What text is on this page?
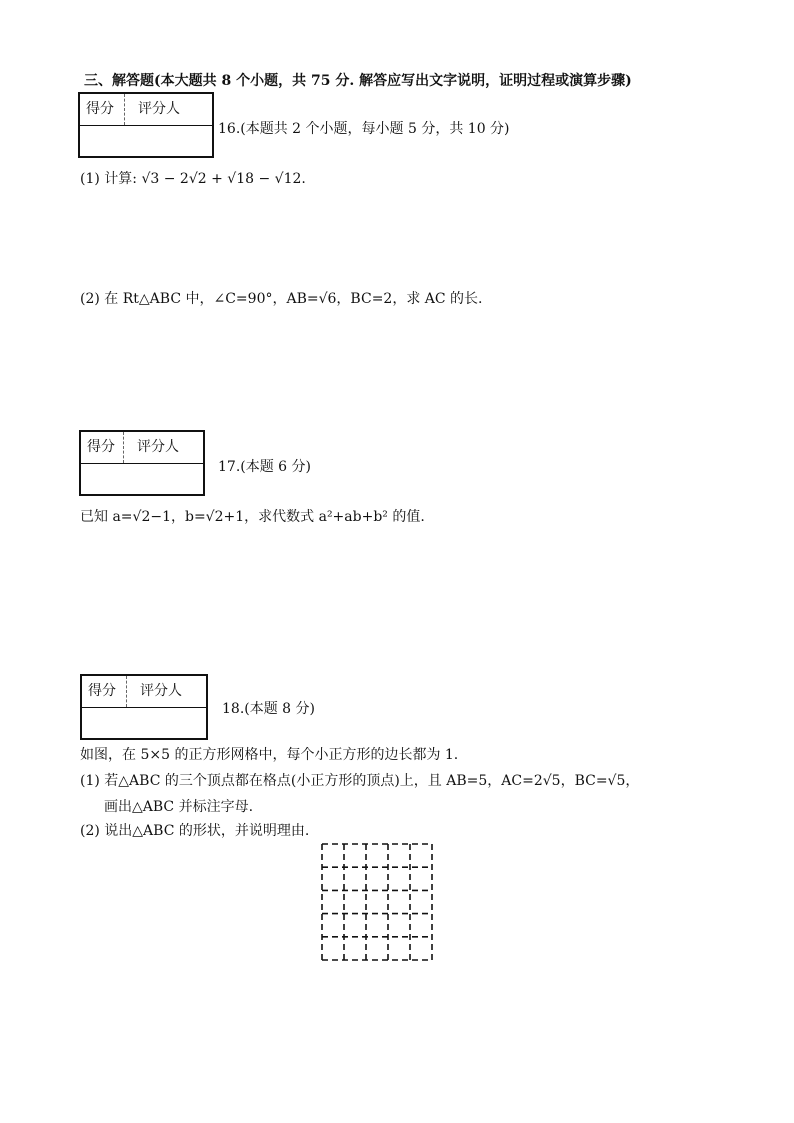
三、解答题(本大题共 8 个小题，共 75 分. 解答应写出文字说明，证明过程或演算步骤)
得分 评分人
16.(本题共 2 个小题，每小题 5 分，共 10 分)
(1) 计算: √3 − 2√2 + √18 − √12.
(2) 在 Rt△ABC 中，∠C=90°，AB=√6，BC=2，求 AC 的长.
得分 评分人
17.(本题 6 分)
已知 a=√2−1，b=√2+1，求代数式 a²+ab+b² 的值.
得分 评分人
18.(本题 8 分)
如图，在 5×5 的正方形网格中，每个小正方形的边长都为 1.
(1) 若△ABC 的三个顶点都在格点(小正方形的顶点)上，且 AB=5，AC=2√5，BC=√5，
画出△ABC 并标注字母.
(2) 说出△ABC 的形状，并说明理由.
